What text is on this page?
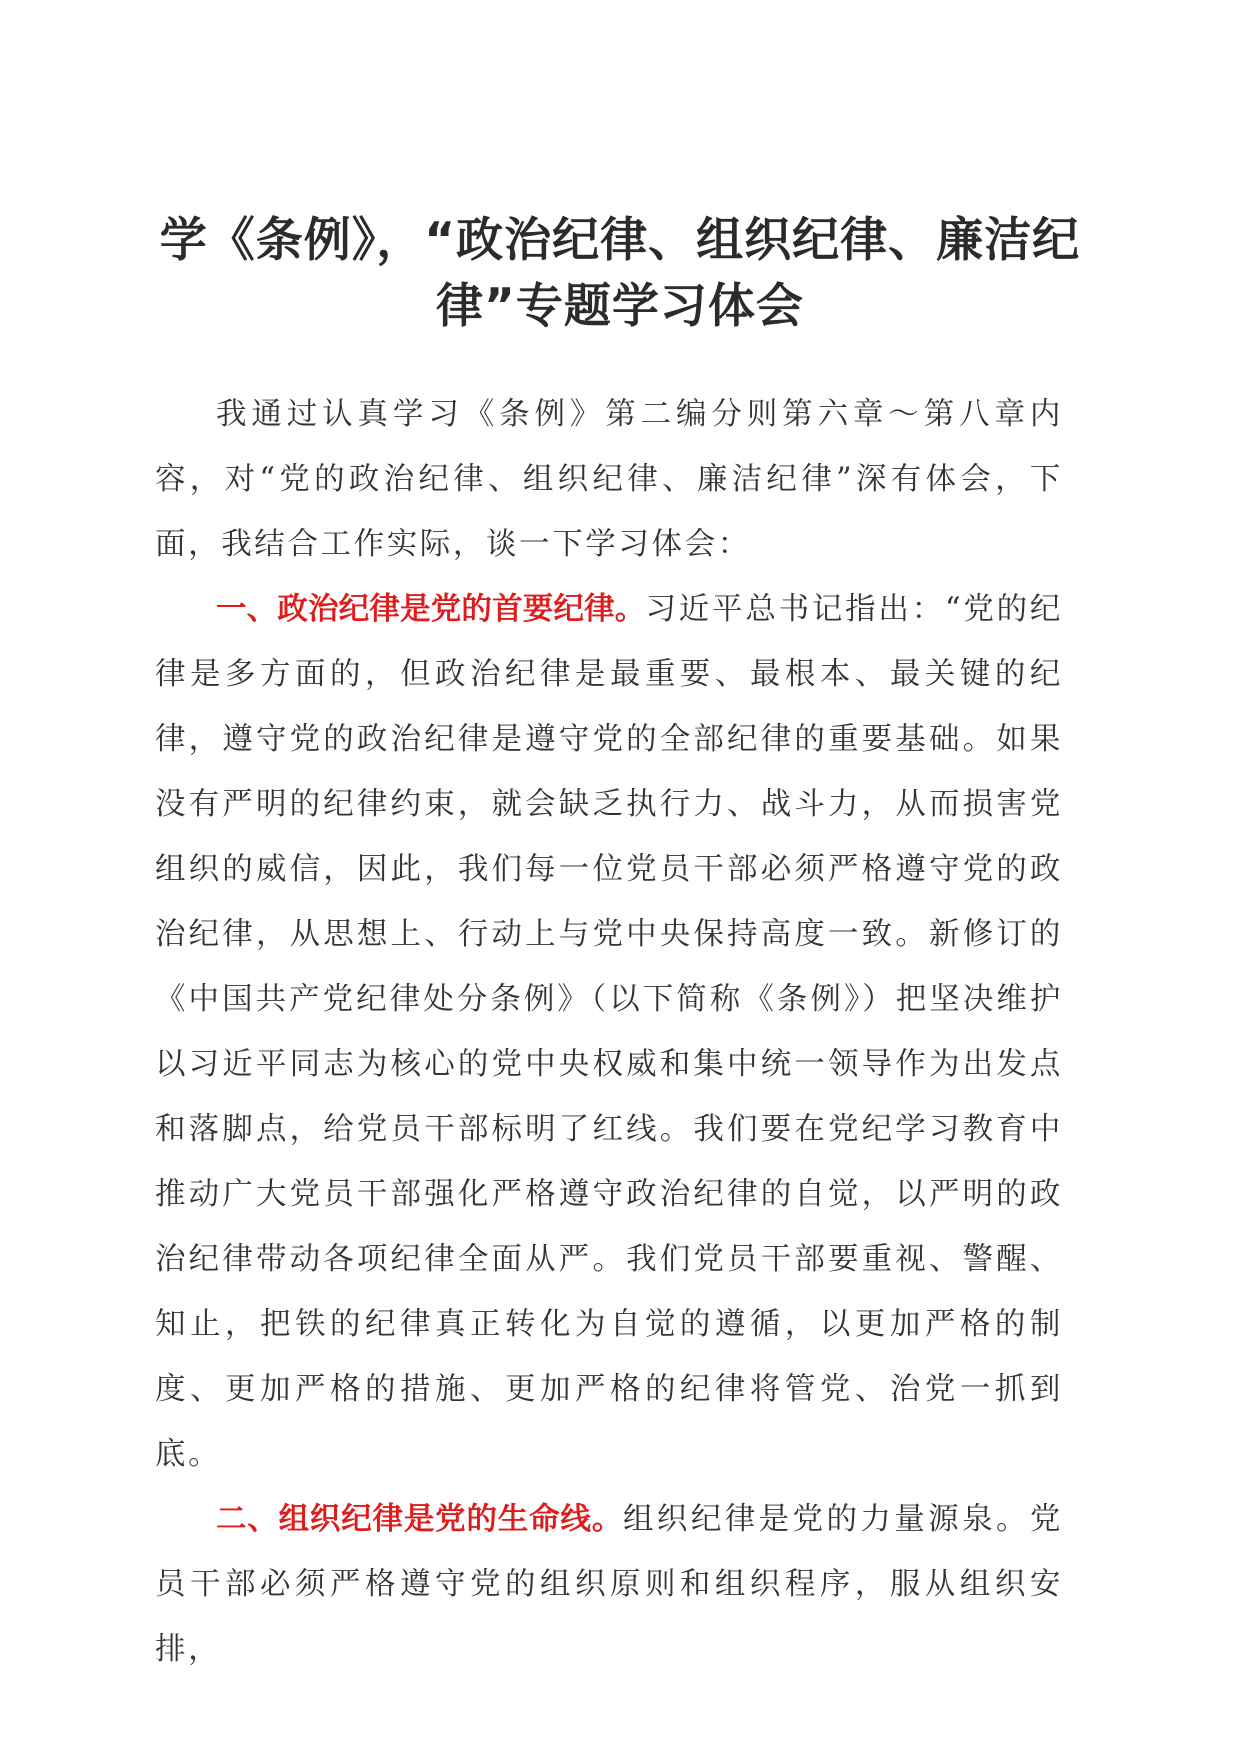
学《条例》，“政治纪律、组织纪律、廉洁纪
律”专题学习体会

我通过认真学习《条例》第二编分则第六章～第八章内容，对“党的政治纪律、组织纪律、廉洁纪律”深有体会，下面，我结合工作实际，谈一下学习体会：

一、政治纪律是党的首要纪律。习近平总书记指出：“党的纪律是多方面的，但政治纪律是最重要、最根本、最关键的纪律，遵守党的政治纪律是遵守党的全部纪律的重要基础。如果没有严明的纪律约束，就会缺乏执行力、战斗力，从而损害党组织的威信，因此，我们每一位党员干部必须严格遵守党的政治纪律，从思想上、行动上与党中央保持高度一致。新修订的《中国共产党纪律处分条例》（以下简称《条例》）把坚决维护以习近平同志为核心的党中央权威和集中统一领导作为出发点和落脚点，给党员干部标明了红线。我们要在党纪学习教育中推动广大党员干部强化严格遵守政治纪律的自觉，以严明的政治纪律带动各项纪律全面从严。我们党员干部要重视、警醒、知止，把铁的纪律真正转化为自觉的遵循，以更加严格的制度、更加严格的措施、更加严格的纪律将管党、治党一抓到底。

二、组织纪律是党的生命线。组织纪律是党的力量源泉。党员干部必须严格遵守党的组织原则和组织程序，服从组织安排，
